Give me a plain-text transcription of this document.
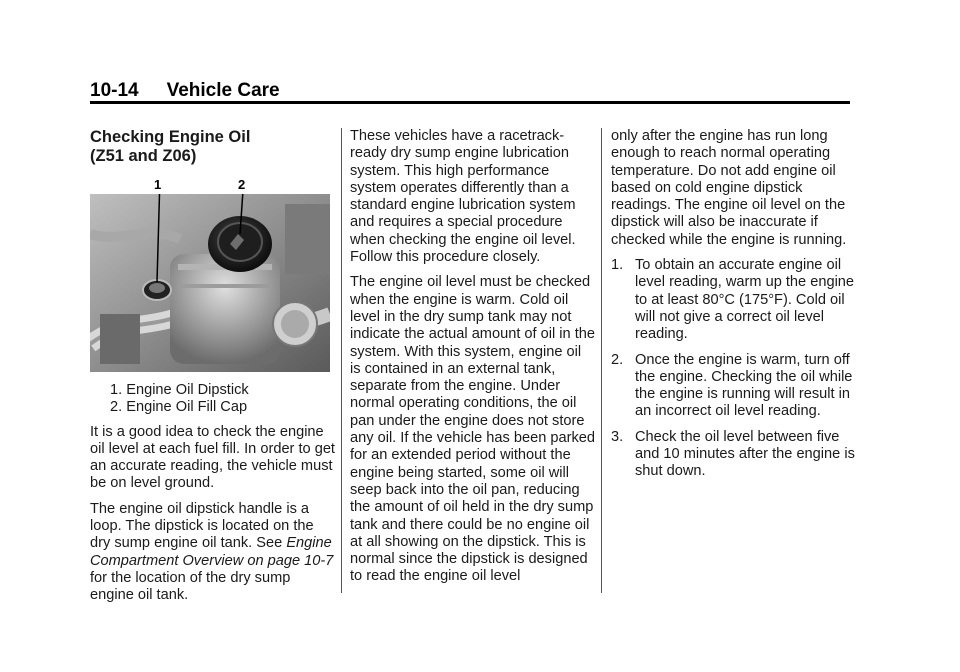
10-14 Vehicle Care
Checking Engine Oil
(Z51 and Z06)
1	2
1. Engine Oil Dipstick
2. Engine Oil Fill Cap

It is a good idea to check the engine oil level at each fuel fill. In order to get an accurate reading, the vehicle must be on level ground.

The engine oil dipstick handle is a loop. The dipstick is located on the dry sump engine oil tank. See Engine Compartment Overview on page 10-7 for the location of the dry sump engine oil tank.

These vehicles have a racetrack-ready dry sump engine lubrication system. This high performance system operates differently than a standard engine lubrication system and requires a special procedure when checking the engine oil level. Follow this procedure closely.

The engine oil level must be checked when the engine is warm. Cold oil level in the dry sump tank may not indicate the actual amount of oil in the system. With this system, engine oil is contained in an external tank, separate from the engine. Under normal operating conditions, the oil pan under the engine does not store any oil. If the vehicle has been parked for an extended period without the engine being started, some oil will seep back into the oil pan, reducing the amount of oil held in the dry sump tank and there could be no engine oil at all showing on the dipstick. This is normal since the dipstick is designed to read the engine oil level

only after the engine has run long enough to reach normal operating temperature. Do not add engine oil based on cold engine dipstick readings. The engine oil level on the dipstick will also be inaccurate if checked while the engine is running.

1. To obtain an accurate engine oil level reading, warm up the engine to at least 80°C (175°F). Cold oil will not give a correct oil level reading.
2. Once the engine is warm, turn off the engine. Checking the oil while the engine is running will result in an incorrect oil level reading.
3. Check the oil level between five and 10 minutes after the engine is shut down.
